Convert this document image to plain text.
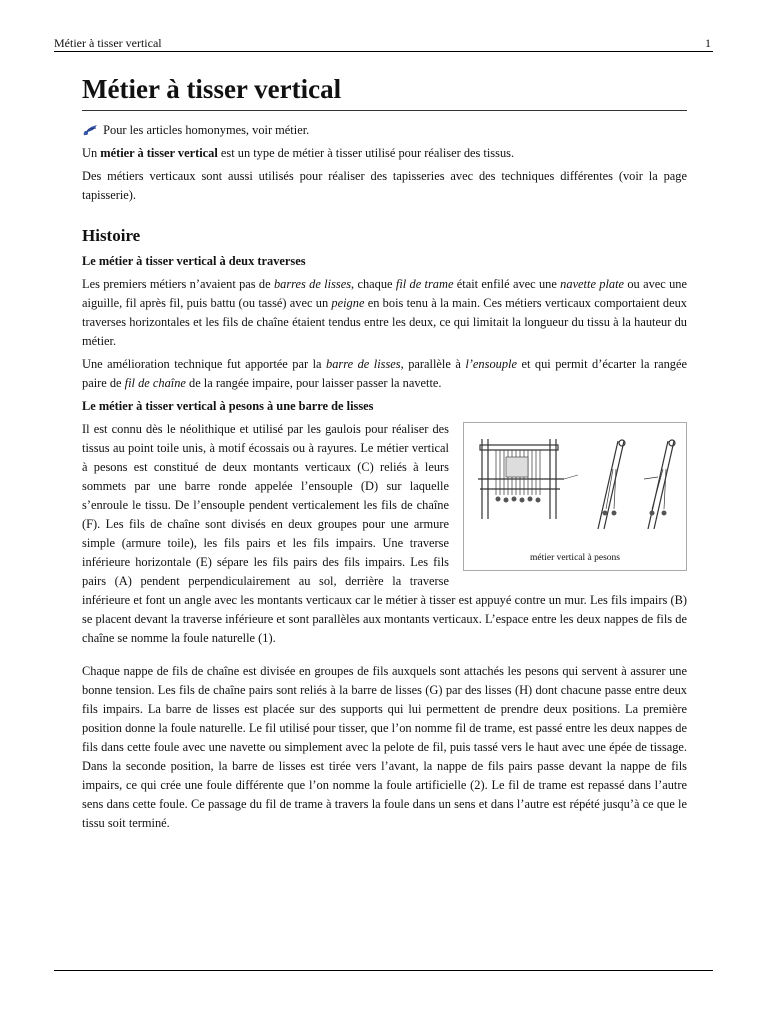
Métier à tisser vertical	1
Métier à tisser vertical

Pour les articles homonymes, voir métier.

Un métier à tisser vertical est un type de métier à tisser utilisé pour réaliser des tissus.

Des métiers verticaux sont aussi utilisés pour réaliser des tapisseries avec des techniques différentes (voir la page tapisserie).

Histoire
Le métier à tisser vertical à deux traverses

Les premiers métiers n’avaient pas de barres de lisses, chaque fil de trame était enfilé avec une navette plate ou avec une aiguille, fil après fil, puis battu (ou tassé) avec un peigne en bois tenu à la main. Ces métiers verticaux comportaient deux traverses horizontales et les fils de chaîne étaient tendus entre les deux, ce qui limitait la longueur du tissu à la hauteur du métier.

Une amélioration technique fut apportée par la barre de lisses, parallèle à l’ensouple et qui permit d’écarter la rangée paire de fil de chaîne de la rangée impaire, pour laisser passer la navette.

Le métier à tisser vertical à pesons à une barre de lisses
métier vertical à pesons

Il est connu dès le néolithique et utilisé par les gaulois pour réaliser des tissus au point toile unis, à motif écossais ou à rayures. Le métier vertical à pesons est constitué de deux montants verticaux (C) reliés à leurs sommets par une barre ronde appelée l’ensouple (D) sur laquelle s’enroule le tissu. De l’ensouple pendent verticalement les fils de chaîne (F). Les fils de chaîne sont divisés en deux groupes pour une armure simple (armure toile), les fils pairs et les fils impairs. Une traverse inférieure horizontale (E) sépare les fils pairs des fils impairs. Les fils pairs (A) pendent perpendiculairement au sol, derrière la traverse inférieure et font un angle avec les montants verticaux car le métier à tisser est appuyé contre un mur. Les fils impairs (B) se placent devant la traverse inférieure et sont parallèles aux montants verticaux. L’espace entre les deux nappes de fils de chaîne se nomme la foule naturelle (1).

Chaque nappe de fils de chaîne est divisée en groupes de fils auxquels sont attachés les pesons qui servent à assurer une bonne tension. Les fils de chaîne pairs sont reliés à la barre de lisses (G) par des lisses (H) dont chacune passe entre deux fils impairs. La barre de lisses est placée sur des supports qui lui permettent de prendre deux positions. La première position donne la foule naturelle. Le fil utilisé pour tisser, que l’on nomme fil de trame, est passé entre les deux nappes de fils dans cette foule avec une navette ou simplement avec la pelote de fil, puis tassé vers le haut avec une épée de tissage. Dans la seconde position, la barre de lisses est tirée vers l’avant, la nappe de fils pairs passe devant la nappe de fils impairs, ce qui crée une foule différente que l’on nomme la foule artificielle (2). Le fil de trame est repassé dans l’autre sens dans cette foule. Ce passage du fil de trame à travers la foule dans un sens et dans l’autre est répété jusqu’à ce que le tissu soit terminé.
